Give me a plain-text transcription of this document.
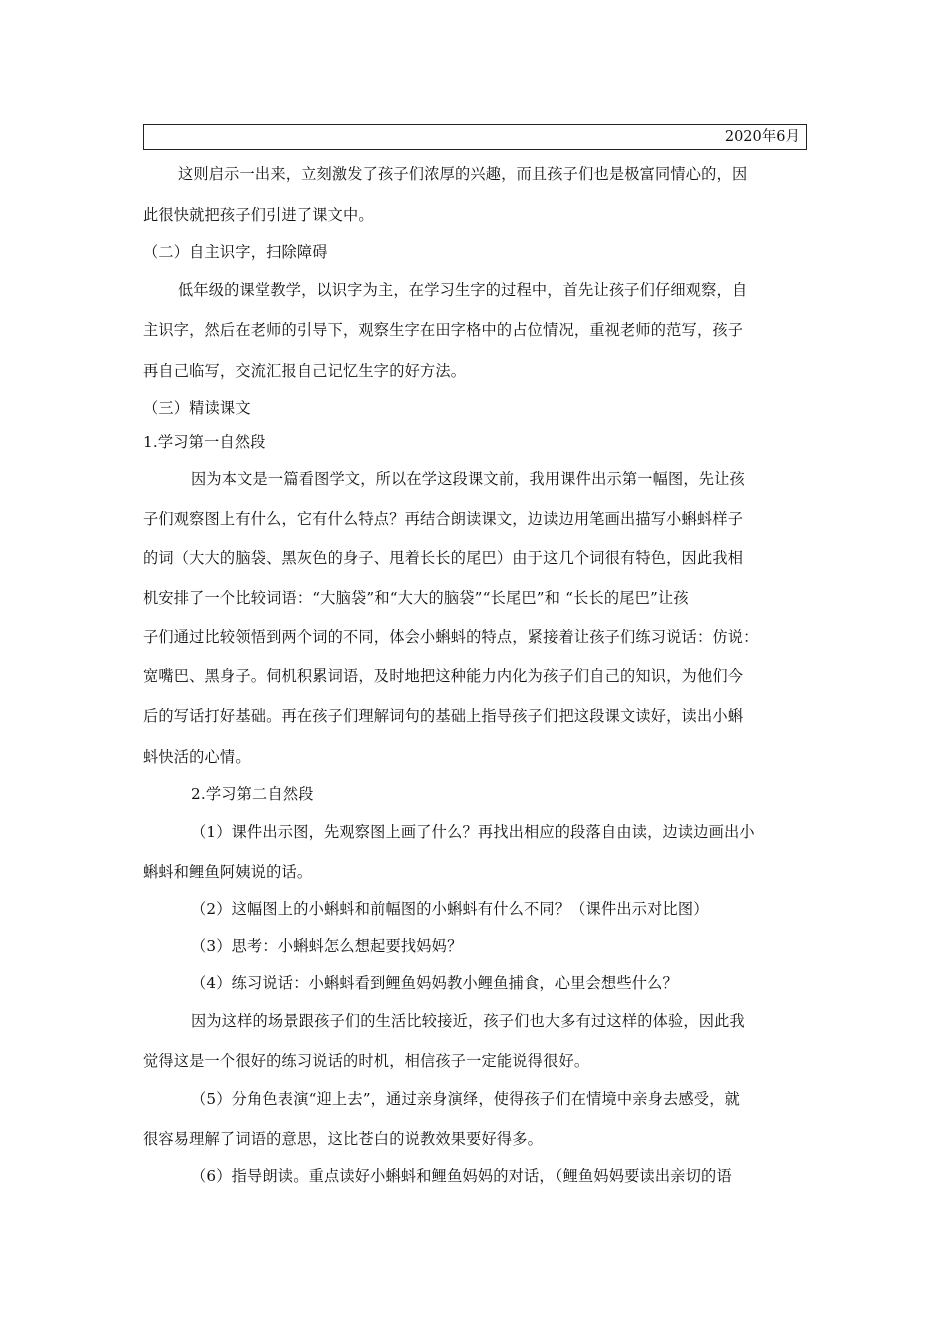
2020年6月
这则启示一出来，立刻激发了孩子们浓厚的兴趣，而且孩子们也是极富同情心的，因
此很快就把孩子们引进了课文中。
（二）自主识字，扫除障碍
低年级的课堂教学，以识字为主，在学习生字的过程中，首先让孩子们仔细观察，自
主识字，然后在老师的引导下，观察生字在田字格中的占位情况，重视老师的范写，孩子
再自己临写，交流汇报自己记忆生字的好方法。
（三）精读课文
1.学习第一自然段
因为本文是一篇看图学文，所以在学这段课文前，我用课件出示第一幅图，先让孩
子们观察图上有什么，它有什么特点？再结合朗读课文，边读边用笔画出描写小蝌蚪样子
的词（大大的脑袋、黑灰色的身子、甩着长长的尾巴）由于这几个词很有特色，因此我相
机安排了一个比较词语：“大脑袋”和“大大的脑袋”“长尾巴”和 “长长的尾巴”让孩
子们通过比较领悟到两个词的不同，体会小蝌蚪的特点，紧接着让孩子们练习说话：仿说：
宽嘴巴、黑身子。伺机积累词语，及时地把这种能力内化为孩子们自己的知识，为他们今
后的写话打好基础。再在孩子们理解词句的基础上指导孩子们把这段课文读好，读出小蝌
蚪快活的心情。
2.学习第二自然段
（1）课件出示图，先观察图上画了什么？再找出相应的段落自由读，边读边画出小
蝌蚪和鲤鱼阿姨说的话。
（2）这幅图上的小蝌蚪和前幅图的小蝌蚪有什么不同？（课件出示对比图）
（3）思考：小蝌蚪怎么想起要找妈妈？
（4）练习说话：小蝌蚪看到鲤鱼妈妈教小鲤鱼捕食，心里会想些什么？
因为这样的场景跟孩子们的生活比较接近，孩子们也大多有过这样的体验，因此我
觉得这是一个很好的练习说话的时机，相信孩子一定能说得很好。
（5）分角色表演“迎上去”，通过亲身演绎，使得孩子们在情境中亲身去感受，就
很容易理解了词语的意思，这比苍白的说教效果要好得多。
（6）指导朗读。重点读好小蝌蚪和鲤鱼妈妈的对话，（鲤鱼妈妈要读出亲切的语
